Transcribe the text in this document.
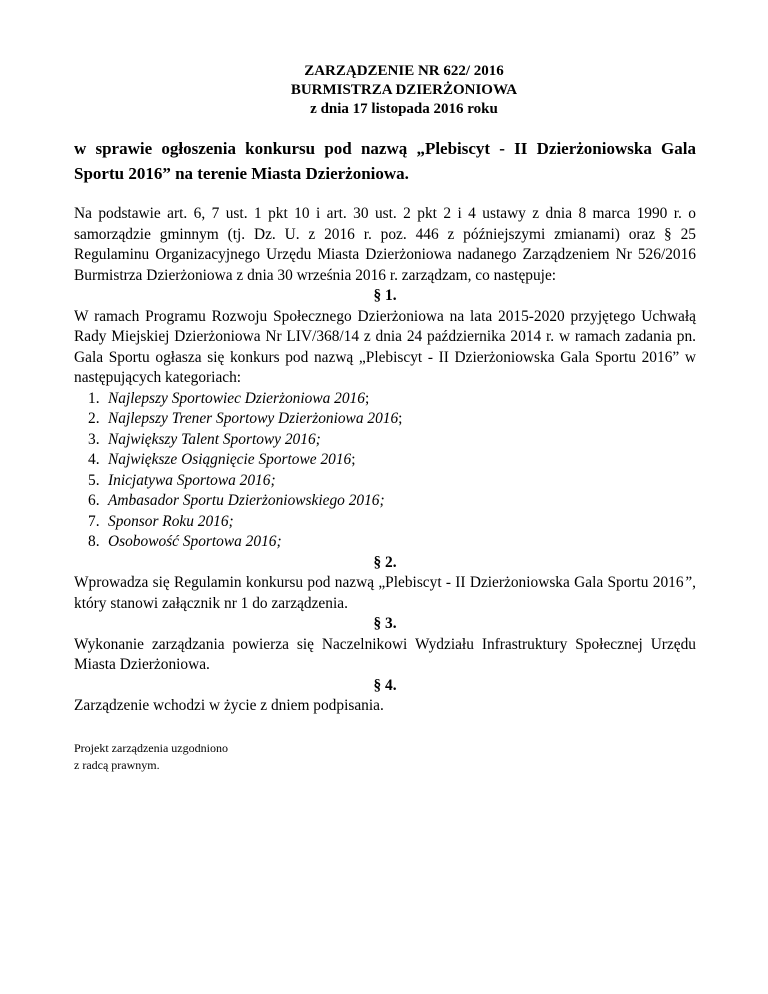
ZARZĄDZENIE NR 622/ 2016
BURMISTRZA DZIERŻONIOWA
z dnia 17 listopada 2016 roku
w sprawie ogłoszenia konkursu pod nazwą „Plebiscyt - II Dzierżoniowska Gala Sportu 2016” na terenie Miasta Dzierżoniowa.
Na podstawie art. 6, 7 ust. 1 pkt 10 i art. 30 ust. 2 pkt 2 i 4 ustawy z dnia 8 marca 1990 r. o samorządzie gminnym (tj. Dz. U. z 2016 r. poz. 446 z późniejszymi zmianami) oraz § 25 Regulaminu Organizacyjnego Urzędu Miasta Dzierżoniowa nadanego Zarządzeniem Nr 526/2016 Burmistrza Dzierżoniowa z dnia 30 września 2016 r. zarządzam, co następuje:
§ 1.
W ramach Programu Rozwoju Społecznego Dzierżoniowa na lata 2015-2020 przyjętego Uchwałą Rady Miejskiej Dzierżoniowa Nr LIV/368/14 z dnia 24 października 2014 r. w ramach zadania pn. Gala Sportu ogłasza się konkurs pod nazwą „Plebiscyt - II Dzierżoniowska Gala Sportu 2016” w następujących kategoriach:
1. Najlepszy Sportowiec Dzierżoniowa 2016;
2. Najlepszy Trener Sportowy Dzierżoniowa 2016;
3. Największy Talent Sportowy 2016;
4. Największe Osiągnięcie Sportowe 2016;
5. Inicjatywa Sportowa 2016;
6. Ambasador Sportu Dzierżoniowskiego 2016;
7. Sponsor Roku 2016;
8. Osobowość Sportowa 2016;
§ 2.
Wprowadza się Regulamin konkursu pod nazwą „Plebiscyt - II Dzierżoniowska Gala Sportu 2016”, który stanowi załącznik nr 1 do zarządzenia.
§ 3.
Wykonanie zarządzania powierza się Naczelnikowi Wydziału Infrastruktury Społecznej Urzędu Miasta Dzierżoniowa.
§ 4.
Zarządzenie wchodzi w życie z dniem podpisania.
Projekt zarządzenia uzgodniono
z radcą prawnym.
